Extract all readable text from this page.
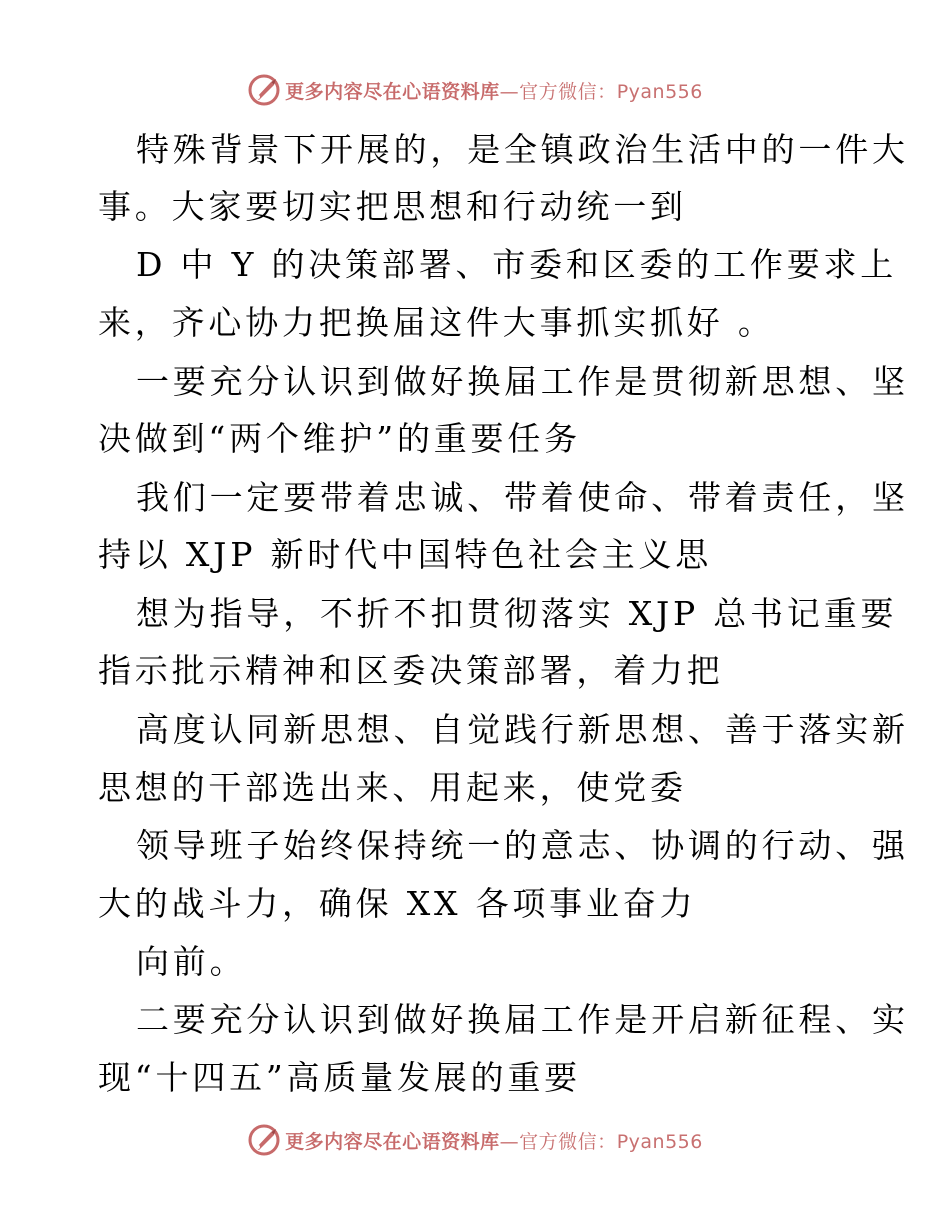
更多内容尽在心语资料库—官方微信：Pyan556
特殊背景下开展的，是全镇政治生活中的一件大
事。大家要切实把思想和行动统一到
D 中 Y 的决策部署、市委和区委的工作要求上
来，齐心协力把换届这件大事抓实抓好 。
一要充分认识到做好换届工作是贯彻新思想、坚
决做到“两个维护”的重要任务
我们一定要带着忠诚、带着使命、带着责任，坚
持以 XJP 新时代中国特色社会主义思
想为指导，不折不扣贯彻落实 XJP 总书记重要
指示批示精神和区委决策部署，着力把
高度认同新思想、自觉践行新思想、善于落实新
思想的干部选出来、用起来，使党委
领导班子始终保持统一的意志、协调的行动、强
大的战斗力，确保 XX 各项事业奋力
向前。
二要充分认识到做好换届工作是开启新征程、实
现“十四五”高质量发展的重要
更多内容尽在心语资料库—官方微信：Pyan556
